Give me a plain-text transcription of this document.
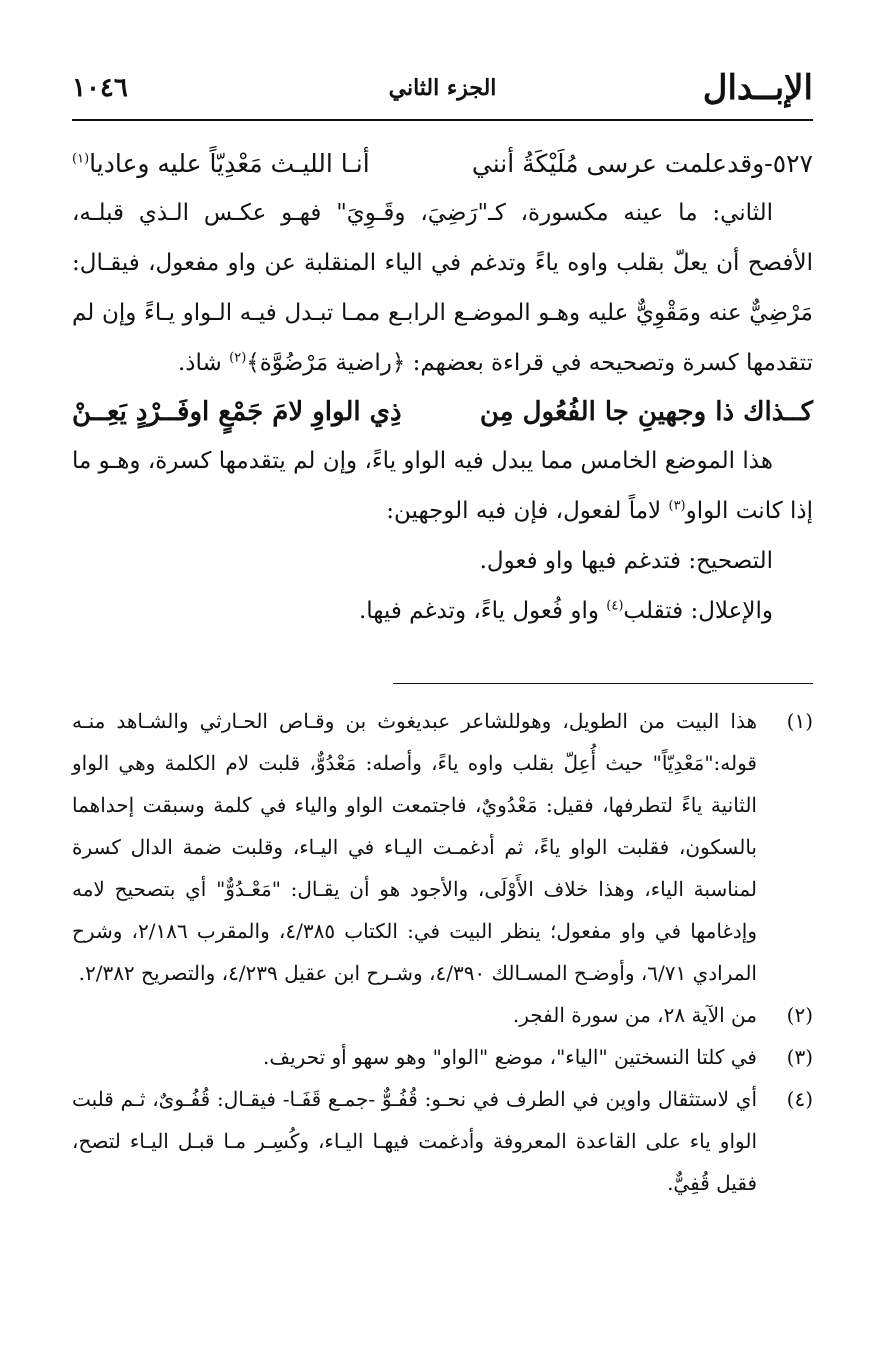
الإبــدال
الجزء الثاني
١٠٤٦
٥٢٧-وقدعلمت عرسى مُلَيْكَةُ أنني
أنـا الليـث مَعْدِيّاً عليه وعاديا$^{(١)}$

الثاني: ما عينه مكسورة، كـ"رَضِيَ، وقَـوِيَ" فهـو عكـس الـذي قبلـه، الأفصح أن يعلّ بقلب واوه ياءً وتدغم في الياء المنقلبة عن واو مفعول، فيقـال: مَرْضِيٌّ عنه ومَقْوِيٌّ عليه وهـو الموضـع الرابـع ممـا تبـدل فيـه الـواو يـاءً وإن لم تتقدمها كسرة وتصحيحه في قراءة بعضهم: ﴿راضية مَرْضُوَّة﴾$^{(٢)}$ شاذ.

كــذاك ذا وجهينِ جا الفُعُول مِن
ذِي الواوِ لامَ جَمْعٍ اوفَــرْدٍ يَعِــنْ

هذا الموضع الخامس مما يبدل فيه الواو ياءً، وإن لم يتقدمها كسرة، وهـو ما إذا كانت الواو$^{(٣)}$ لاماً لفعول، فإن فيه الوجهين:

التصحيح: فتدغم فيها واو فعول.

والإعلال: فتقلب$^{(٤)}$ واو فُعول ياءً، وتدغم فيها.

(١)
هذا البيت من الطويل، وهوللشاعر عبديغوث بن وقـاص الحـارثي والشـاهد منـه قوله:"مَعْدِيّاً" حيث أُعِلّ بقلب واوه ياءً، وأصله: مَعْدُوٌّ، قلبت لام الكلمة وهي الواو الثانية ياءً لتطرفها، فقيل: مَعْدُويٌ، فاجتمعت الواو والياء في كلمة وسبقت إحداهما بالسكون، فقلبت الواو ياءً، ثم أدغمـت اليـاء في اليـاء، وقلبت ضمة الدال كسرة لمناسبة الياء، وهذا خلاف الأَوْلَى، والأجود هو أن يقـال: "مَعْـدُوٌّ" أي بتصحيح لامه وإدغامها في واو مفعول؛ ينظر البيت في: الكتاب ٤/٣٨٥، والمقرب ٢/١٨٦، وشرح المرادي ٦/٧١، وأوضـح المسـالك ٤/٣٩٠، وشـرح ابن عقيل ٤/٢٣٩، والتصريح ٢/٣٨٢.
(٢)
من الآية ٢٨، من سورة الفجر.
(٣)
في كلتا النسختين "الياء"، موضع "الواو" وهو سهو أو تحريف.
(٤)
أي لاستثقال واوين في الطرف في نحـو: قُفُـوٌّ -جمـع قَفَـا- فيقـال: قُفُـوىٌ، ثـم قلبت الواو ياء على القاعدة المعروفة وأدغمت فيهـا اليـاء، وكُسِـر مـا قبـل اليـاء لتصح، فقيل قُفِيٌّ.
